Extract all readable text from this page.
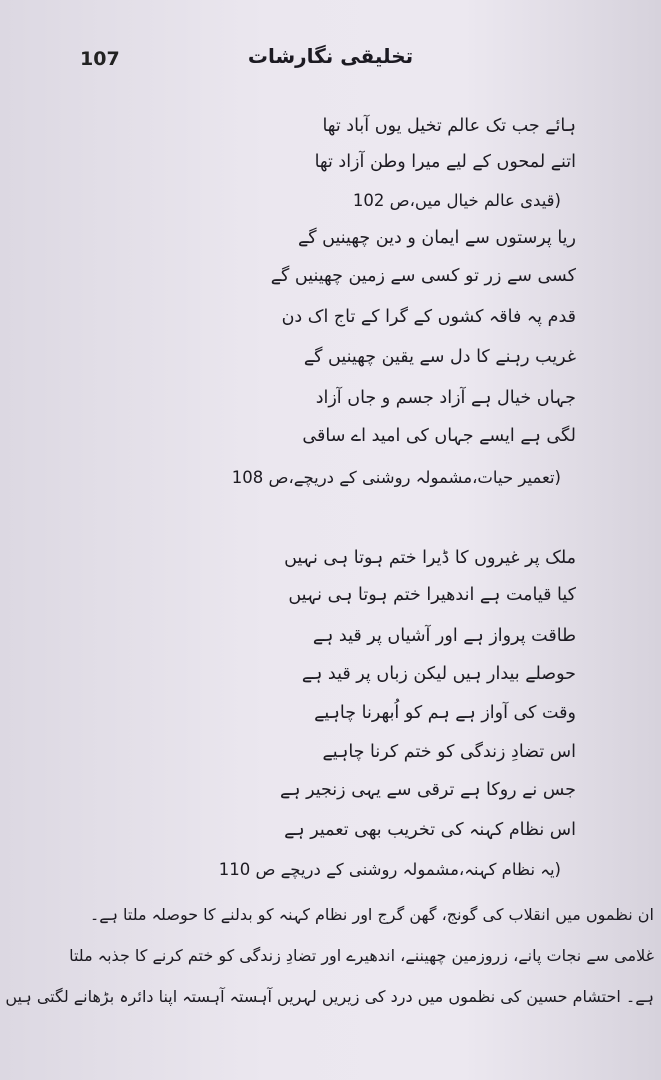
107	تخلیقی نگارشات
ہائے جب تک عالم تخیل یوں آباد تھا
اتنے لمحوں کے لیے میرا وطن آزاد تھا
(قیدی عالم خیال میں،ص 102
ریا پرستوں سے ایمان و دین چھینیں گے
کسی سے زر تو کسی سے زمین چھینیں گے
قدم پہ فاقہ کشوں کے گرا کے تاج اک دن
غریب رہنے کا دل سے یقین چھینیں گے
جہاں خیال ہے آزاد جسم و جاں آزاد
لگی ہے ایسے جہاں کی امید اے ساقی
(تعمیر حیات،مشمولہ روشنی کے دریچے،ص 108
ملک پر غیروں کا ڈیرا ختم ہوتا ہی نہیں
کیا قیامت ہے اندھیرا ختم ہوتا ہی نہیں
طاقت پرواز ہے اور آشیاں پر قید ہے
حوصلے بیدار ہیں لیکن زباں پر قید ہے
وقت کی آواز ہے ہم کو اُبھرنا چاہیے
اس تضادِ زندگی کو ختم کرنا چاہیے
جس نے روکا ہے ترقی سے یہی زنجیر ہے
اس نظام کہنہ کی تخریب بھی تعمیر ہے
(یہ نظام کہنہ،مشمولہ روشنی کے دریچے ص 110
ان نظموں میں انقلاب کی گونج، گھن گرج اور نظام کہنہ کو بدلنے کا حوصلہ ملتا ہے۔
غلامی سے نجات پانے، زروزمین چھیننے، اندھیرے اور تضادِ زندگی کو ختم کرنے کا جذبہ ملتا
ہے۔ احتشام حسین کی نظموں میں درد کی زیریں لہریں آہستہ آہستہ اپنا دائرہ بڑھانے لگتی ہیں
